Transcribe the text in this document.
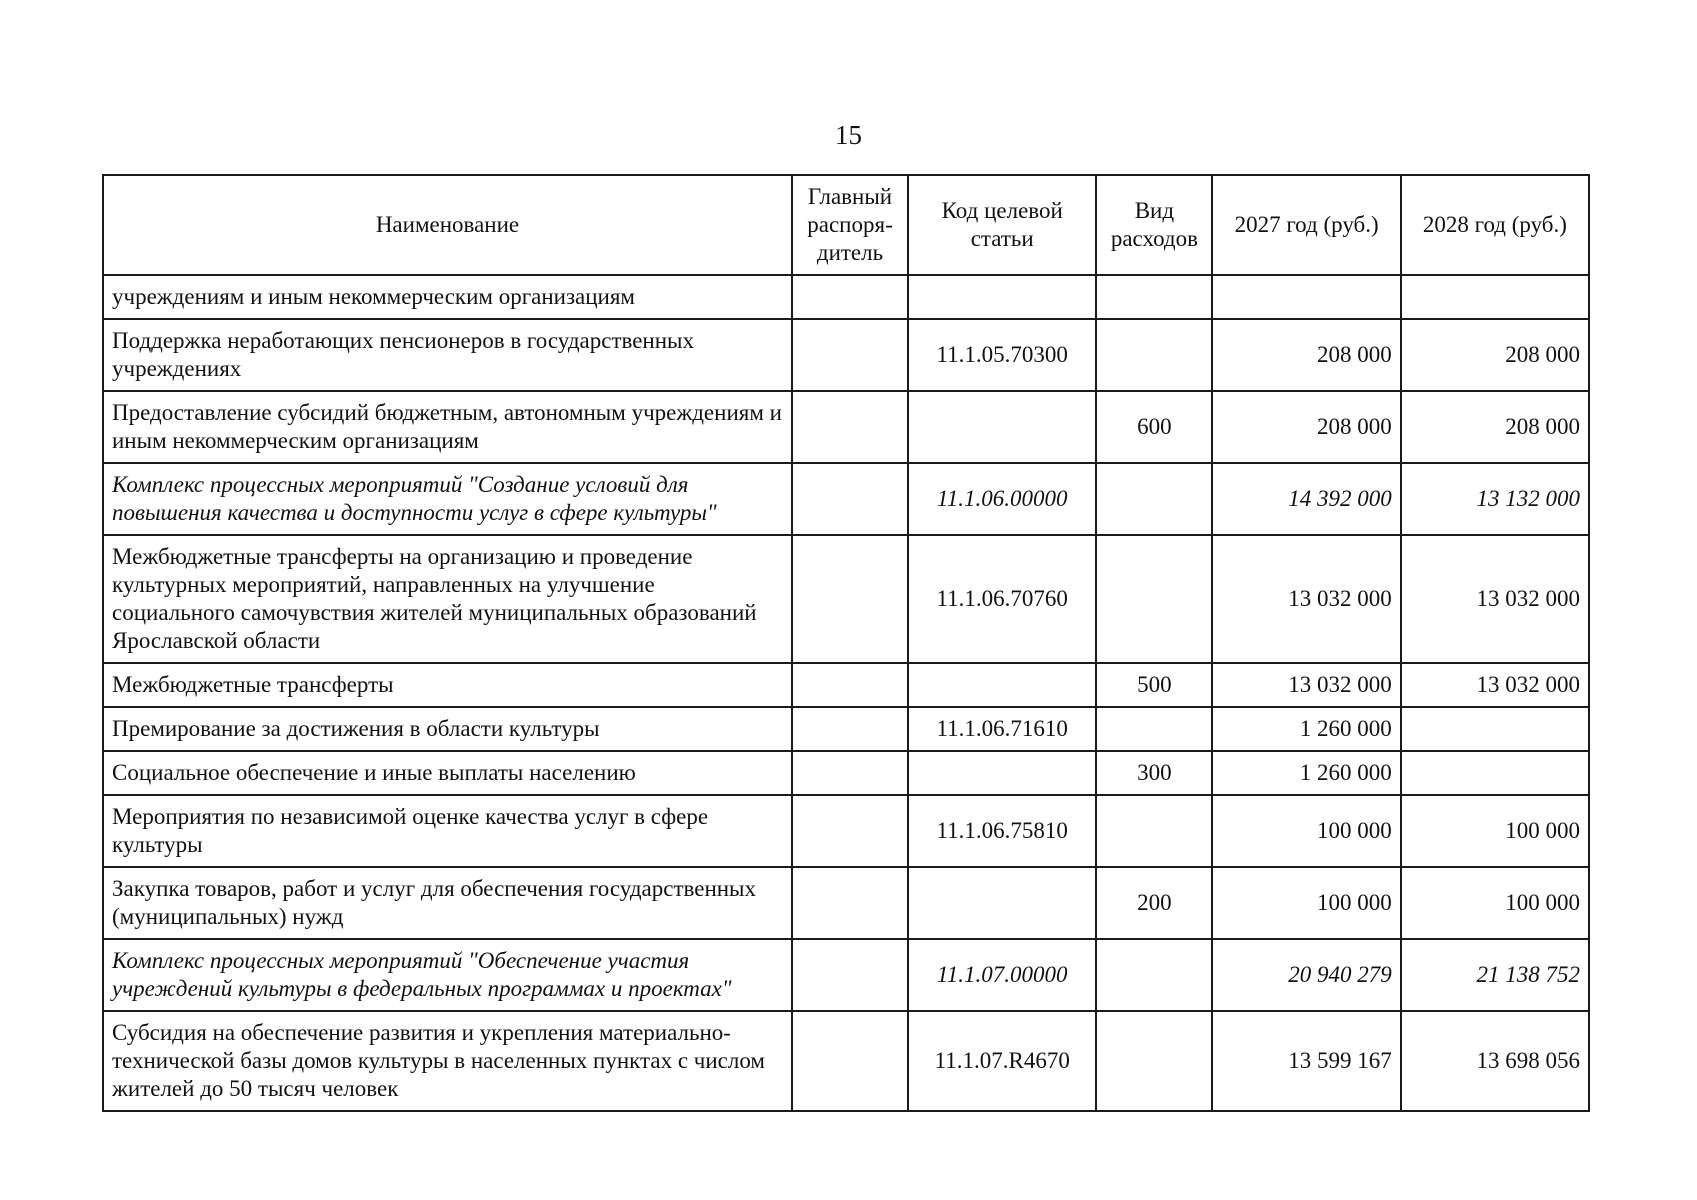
15
Наименование	Главный распоря-дитель	Код целевой статьи	Вид расходов	2027 год (руб.)	2028 год (руб.)
учреждениям и иным некоммерческим организациям					
Поддержка неработающих пенсионеров в государственных учреждениях		11.1.05.70300		208 000	208 000
Предоставление субсидий бюджетным, автономным учреждениям и иным некоммерческим организациям			600	208 000	208 000
Комплекс процессных мероприятий "Создание условий для повышения качества и доступности услуг в сфере культуры"		11.1.06.00000		14 392 000	13 132 000
Межбюджетные трансферты на организацию и проведение культурных мероприятий, направленных на улучшение социального самочувствия жителей муниципальных образований Ярославской области		11.1.06.70760		13 032 000	13 032 000
Межбюджетные трансферты			500	13 032 000	13 032 000
Премирование за достижения в области культуры		11.1.06.71610		1 260 000	
Социальное обеспечение и иные выплаты населению			300	1 260 000	
Мероприятия по независимой оценке качества услуг в сфере культуры		11.1.06.75810		100 000	100 000
Закупка товаров, работ и услуг для обеспечения государственных (муниципальных) нужд			200	100 000	100 000
Комплекс процессных мероприятий "Обеспечение участия учреждений культуры в федеральных программах и проектах"		11.1.07.00000		20 940 279	21 138 752
Субсидия на обеспечение развития и укрепления материально-технической базы домов культуры в населенных пунктах с числом жителей до 50 тысяч человек		11.1.07.R4670		13 599 167	13 698 056
